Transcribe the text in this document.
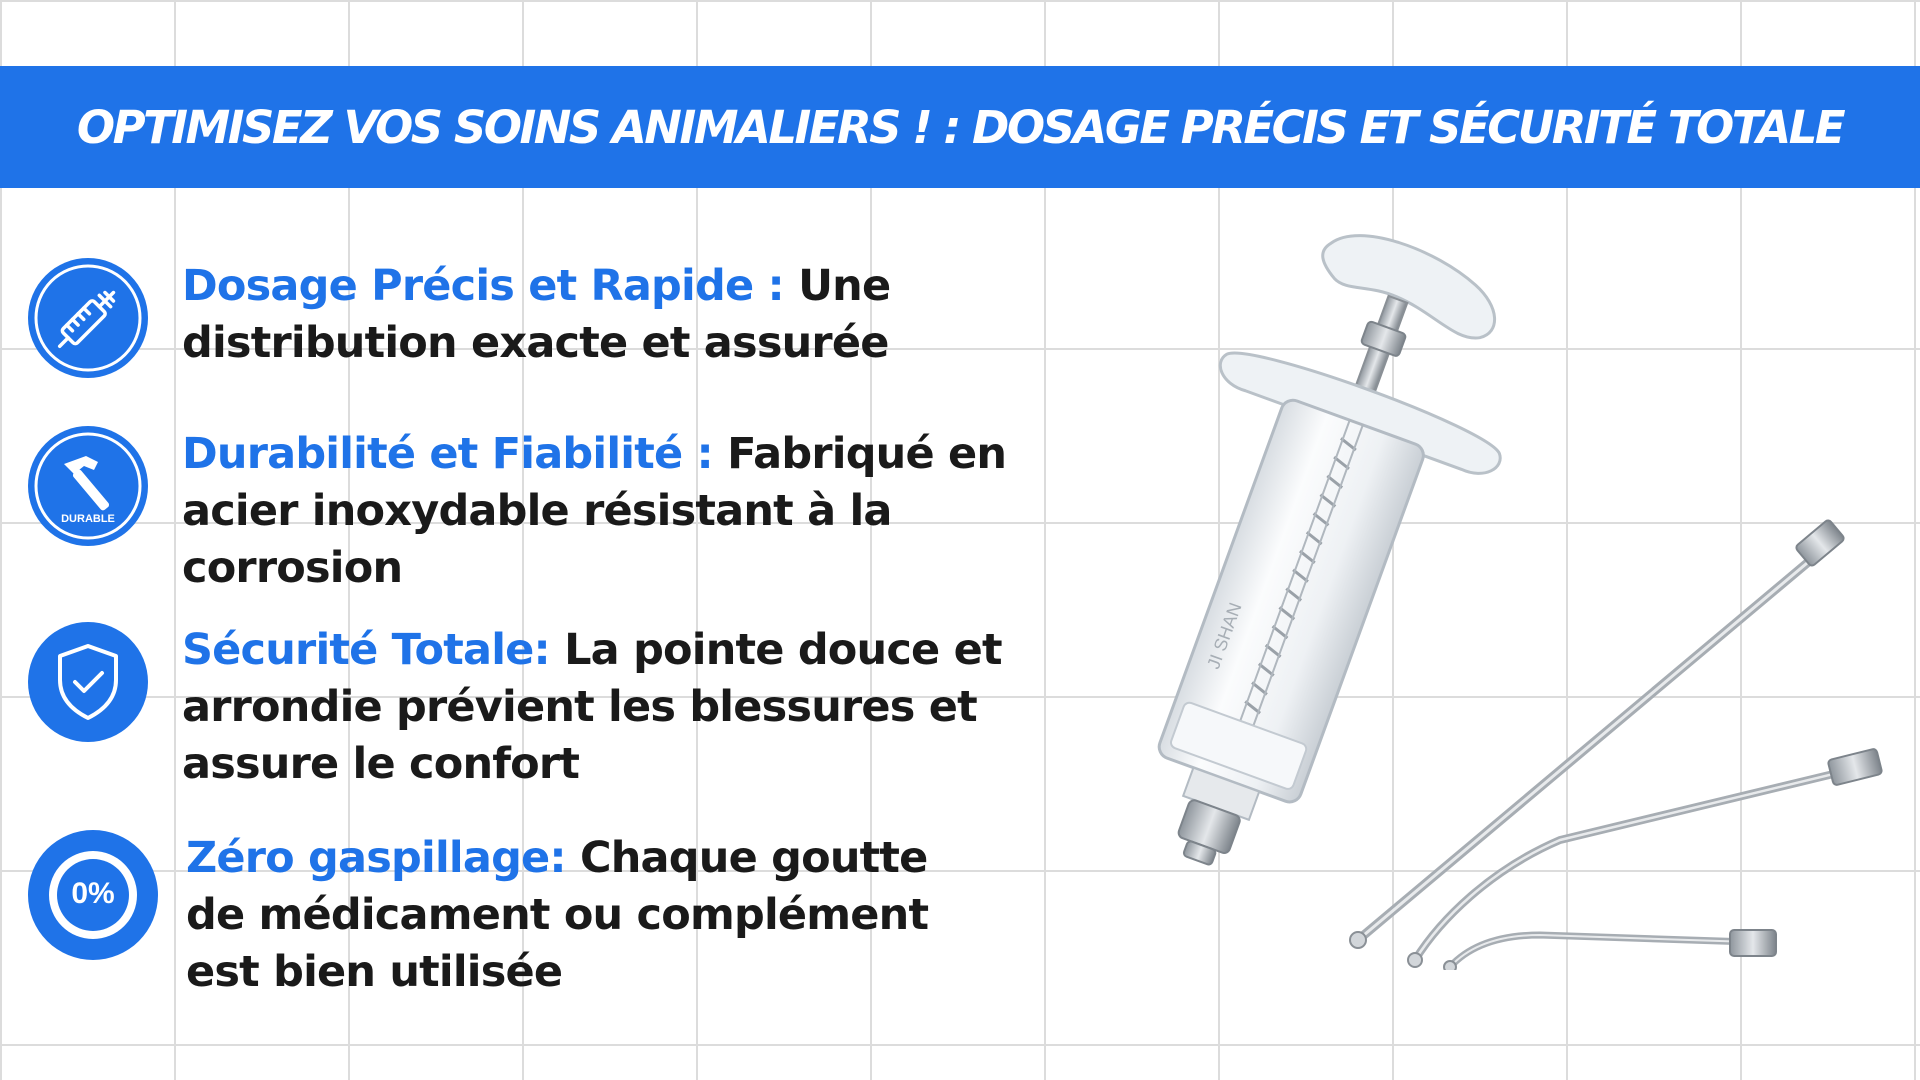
OPTIMISEZ VOS SOINS ANIMALIERS ! : DOSAGE PRÉCIS ET SÉCURITÉ TOTALE
Dosage Précis et Rapide : Une distribution exacte et assurée
DURABLE
Durabilité et Fiabilité : Fabriqué en acier inoxydable résistant à la corrosion
Sécurité Totale: La pointe douce et arrondie prévient les blessures et assure le confort
0%
Zéro gaspillage: Chaque goutte de médicament ou complément est bien utilisée
JI SHAN
